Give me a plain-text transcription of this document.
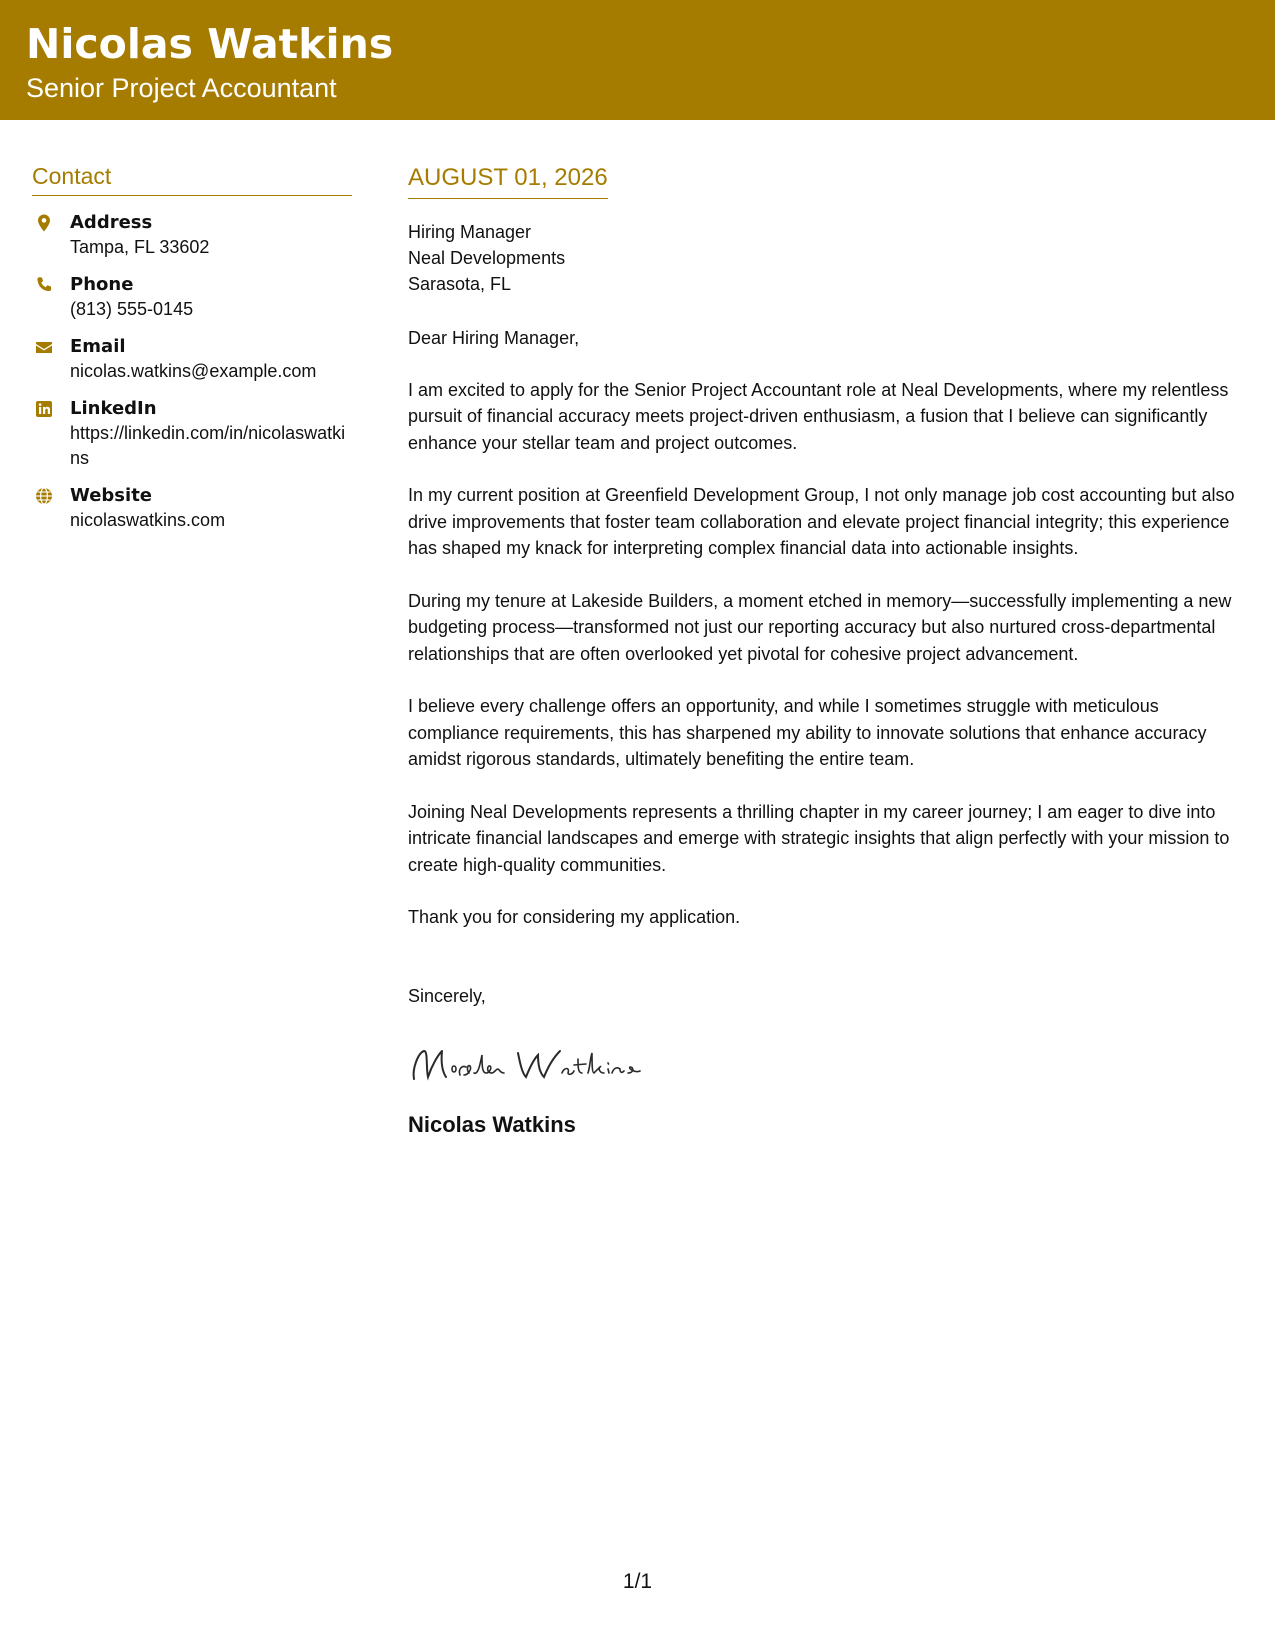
Nicolas Watkins
Senior Project Accountant
Contact
Address
Tampa, FL 33602
Phone
(813) 555-0145
Email
nicolas.watkins@example.com
LinkedIn
https://linkedin.com/in/nicolaswatkins
Website
nicolaswatkins.com
AUGUST 01, 2026
Hiring Manager
Neal Developments
Sarasota, FL
Dear Hiring Manager,
I am excited to apply for the Senior Project Accountant role at Neal Developments, where my relentless pursuit of financial accuracy meets project-driven enthusiasm, a fusion that I believe can significantly enhance your stellar team and project outcomes.
In my current position at Greenfield Development Group, I not only manage job cost accounting but also drive improvements that foster team collaboration and elevate project financial integrity; this experience has shaped my knack for interpreting complex financial data into actionable insights.
During my tenure at Lakeside Builders, a moment etched in memory—successfully implementing a new budgeting process—transformed not just our reporting accuracy but also nurtured cross-departmental relationships that are often overlooked yet pivotal for cohesive project advancement.
I believe every challenge offers an opportunity, and while I sometimes struggle with meticulous compliance requirements, this has sharpened my ability to innovate solutions that enhance accuracy amidst rigorous standards, ultimately benefiting the entire team.
Joining Neal Developments represents a thrilling chapter in my career journey; I am eager to dive into intricate financial landscapes and emerge with strategic insights that align perfectly with your mission to create high-quality communities.
Thank you for considering my application.
Sincerely,
Nicolas Watkins
1/1
